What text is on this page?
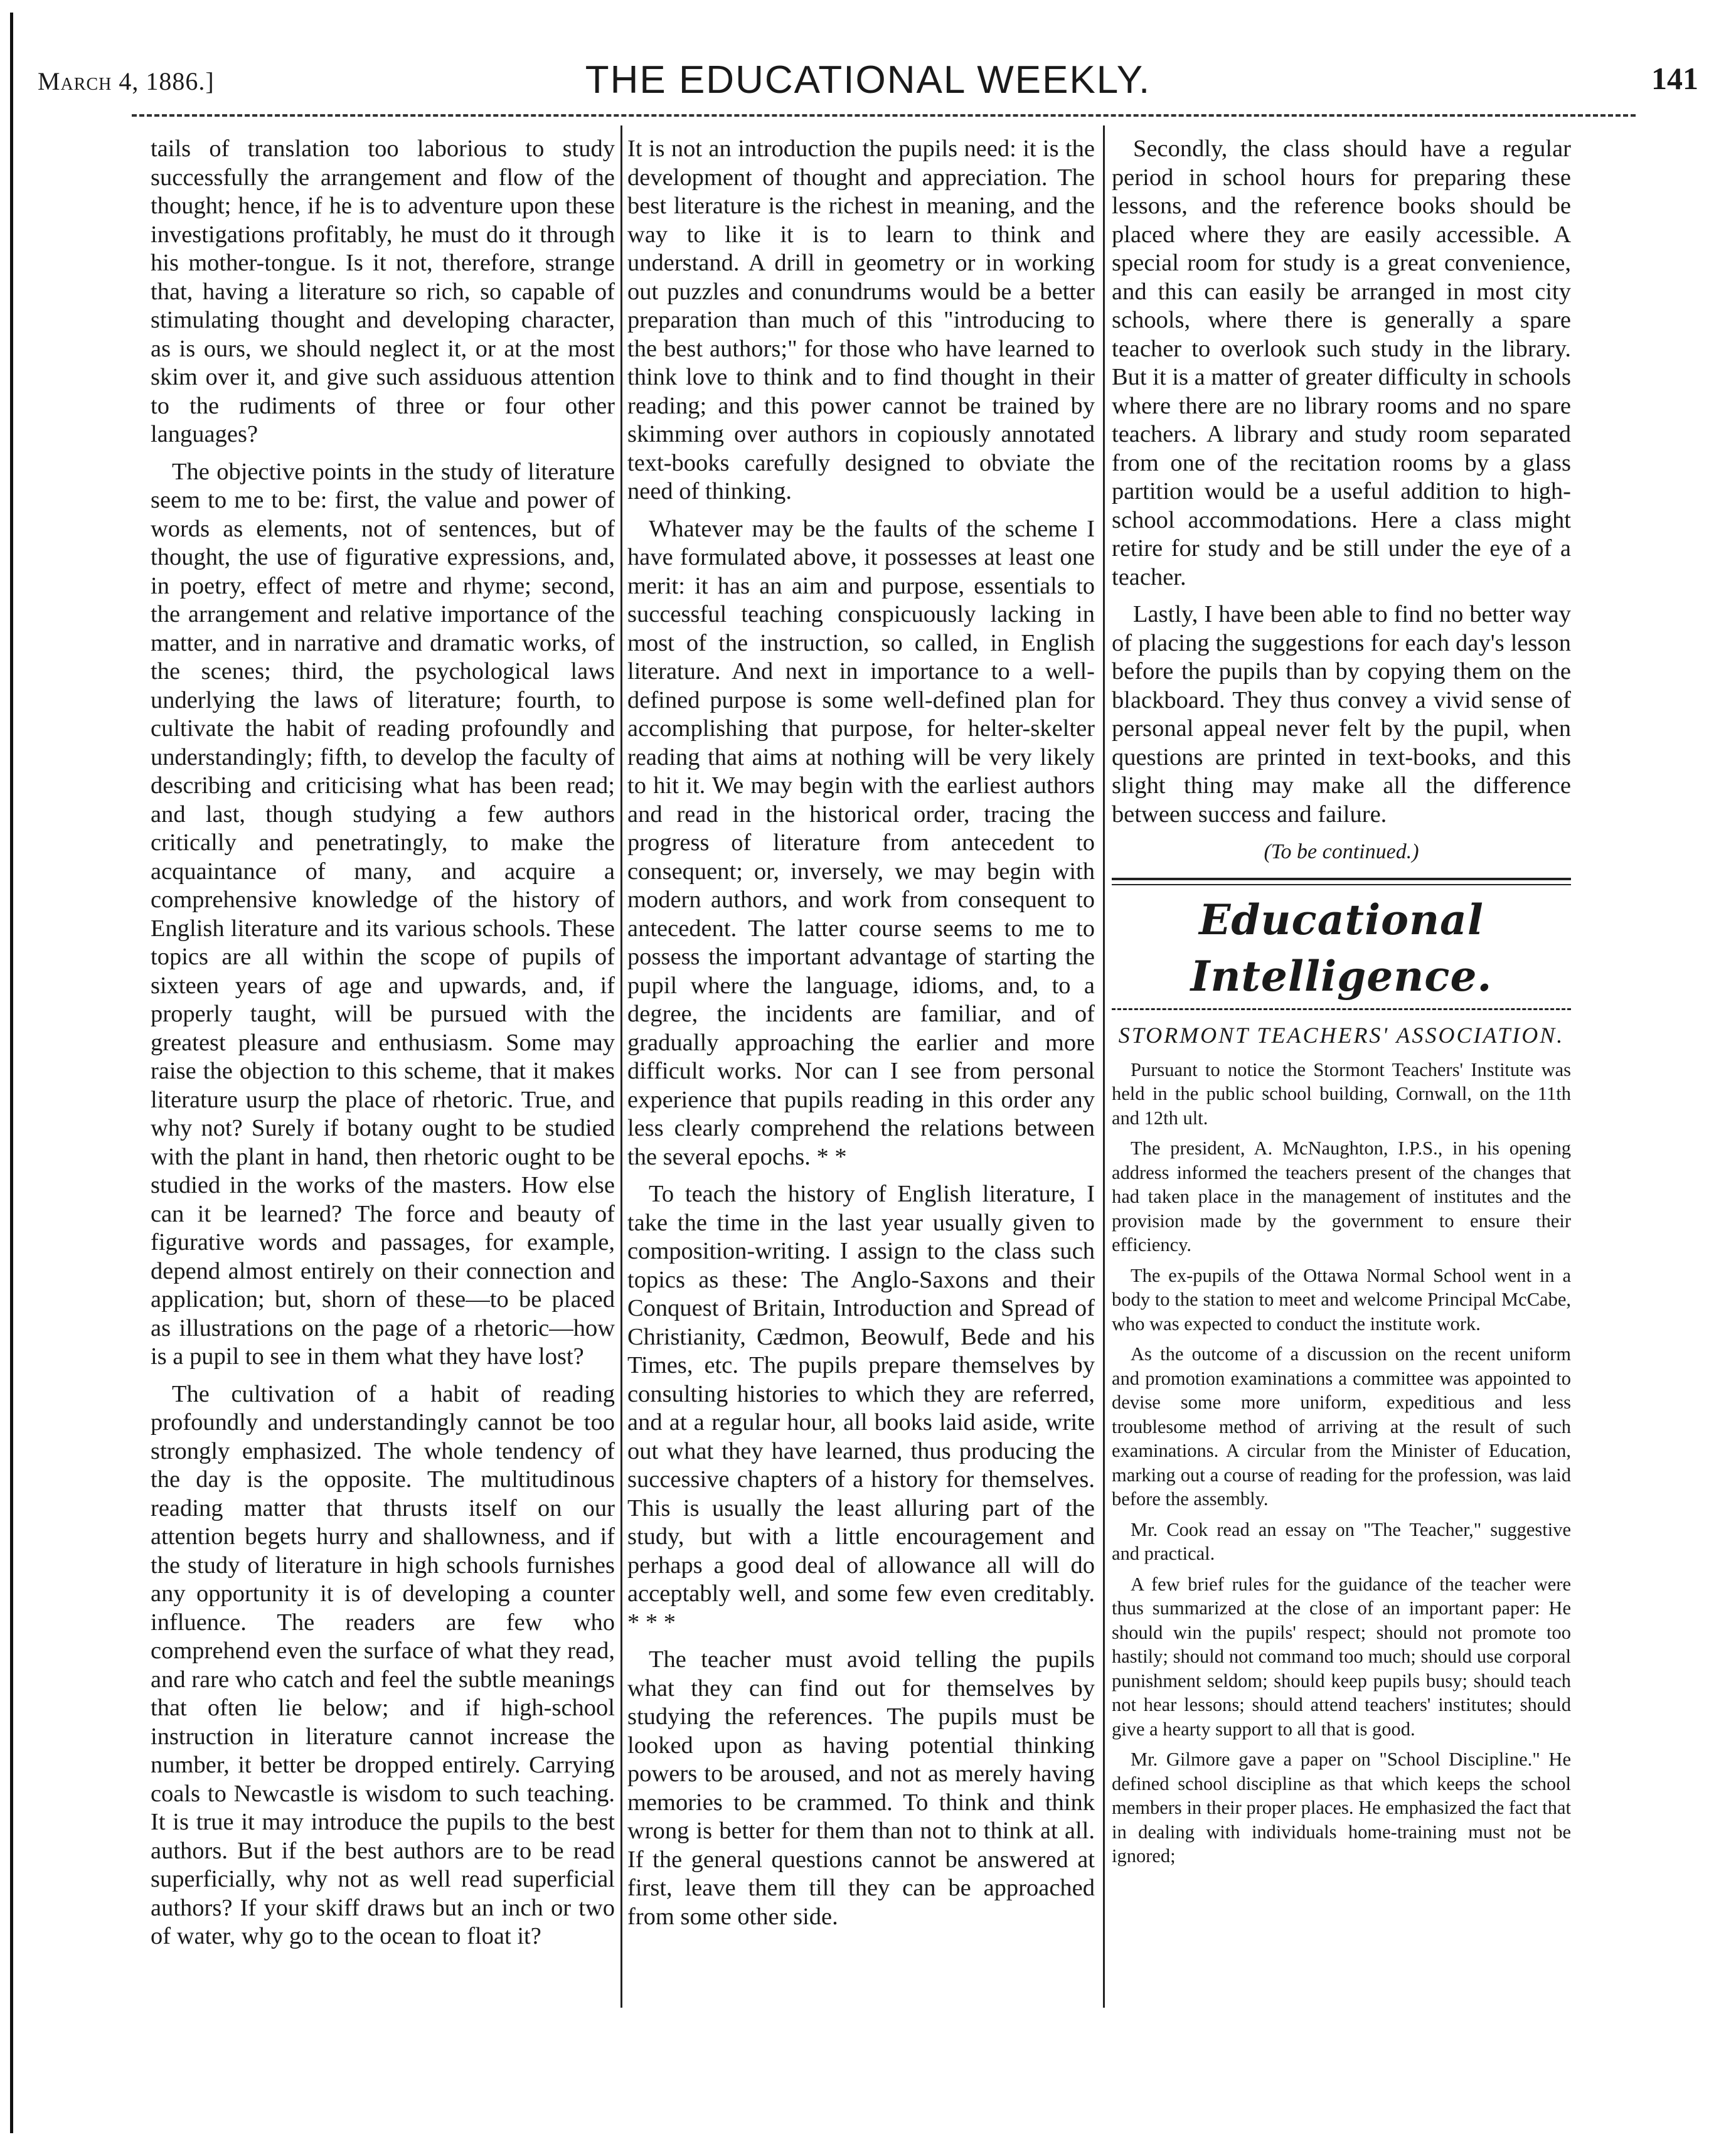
March 4, 1886.]	THE EDUCATIONAL WEEKLY.	141

tails of translation too laborious to study successfully the arrangement and flow of the thought; hence, if he is to adventure upon these investigations profitably, he must do it through his mother-tongue. Is it not, therefore, strange that, having a literature so rich, so capable of stimulating thought and developing character, as is ours, we should neglect it, or at the most skim over it, and give such assiduous attention to the rudiments of three or four other languages?

The objective points in the study of literature seem to me to be: first, the value and power of words as elements, not of sentences, but of thought, the use of figurative expressions, and, in poetry, effect of metre and rhyme; second, the arrangement and relative importance of the matter, and in narrative and dramatic works, of the scenes; third, the psychological laws underlying the laws of literature; fourth, to cultivate the habit of reading profoundly and understandingly; fifth, to develop the faculty of describing and criticising what has been read; and last, though studying a few authors critically and penetratingly, to make the acquaintance of many, and acquire a comprehensive knowledge of the history of English literature and its various schools. These topics are all within the scope of pupils of sixteen years of age and upwards, and, if properly taught, will be pursued with the greatest pleasure and enthusiasm. Some may raise the objection to this scheme, that it makes literature usurp the place of rhetoric. True, and why not? Surely if botany ought to be studied with the plant in hand, then rhetoric ought to be studied in the works of the masters. How else can it be learned? The force and beauty of figurative words and passages, for example, depend almost entirely on their connection and application; but, shorn of these—to be placed as illustrations on the page of a rhetoric—how is a pupil to see in them what they have lost?

The cultivation of a habit of reading profoundly and understandingly cannot be too strongly emphasized. The whole tendency of the day is the opposite. The multitudinous reading matter that thrusts itself on our attention begets hurry and shallowness, and if the study of literature in high schools furnishes any opportunity it is of developing a counter influence. The readers are few who comprehend even the surface of what they read, and rare who catch and feel the subtle meanings that often lie below; and if high-school instruction in literature cannot increase the number, it better be dropped entirely. Carrying coals to Newcastle is wisdom to such teaching. It is true it may introduce the pupils to the best authors. But if the best authors are to be read superficially, why not as well read superficial authors? If your skiff draws but an inch or two of water, why go to the ocean to float it?

It is not an introduction the pupils need: it is the development of thought and appreciation. The best literature is the richest in meaning, and the way to like it is to learn to think and understand. A drill in geometry or in working out puzzles and conundrums would be a better preparation than much of this "introducing to the best authors;" for those who have learned to think love to think and to find thought in their reading; and this power cannot be trained by skimming over authors in copiously annotated text-books carefully designed to obviate the need of thinking.

Whatever may be the faults of the scheme I have formulated above, it possesses at least one merit: it has an aim and purpose, essentials to successful teaching conspicuously lacking in most of the instruction, so called, in English literature. And next in importance to a well-defined purpose is some well-defined plan for accomplishing that purpose, for helter-skelter reading that aims at nothing will be very likely to hit it. We may begin with the earliest authors and read in the historical order, tracing the progress of literature from antecedent to consequent; or, inversely, we may begin with modern authors, and work from consequent to antecedent. The latter course seems to me to possess the important advantage of starting the pupil where the language, idioms, and, to a degree, the incidents are familiar, and of gradually approaching the earlier and more difficult works. Nor can I see from personal experience that pupils reading in this order any less clearly comprehend the relations between the several epochs. * *

To teach the history of English literature, I take the time in the last year usually given to composition-writing. I assign to the class such topics as these: The Anglo-Saxons and their Conquest of Britain, Introduction and Spread of Christianity, Cædmon, Beowulf, Bede and his Times, etc. The pupils prepare themselves by consulting histories to which they are referred, and at a regular hour, all books laid aside, write out what they have learned, thus producing the successive chapters of a history for themselves. This is usually the least alluring part of the study, but with a little encouragement and perhaps a good deal of allowance all will do acceptably well, and some few even creditably. * * *

The teacher must avoid telling the pupils what they can find out for themselves by studying the references. The pupils must be looked upon as having potential thinking powers to be aroused, and not as merely having memories to be crammed. To think and think wrong is better for them than not to think at all. If the general questions cannot be answered at first, leave them till they can be approached from some other side.

Secondly, the class should have a regular period in school hours for preparing these lessons, and the reference books should be placed where they are easily accessible. A special room for study is a great convenience, and this can easily be arranged in most city schools, where there is generally a spare teacher to overlook such study in the library. But it is a matter of greater difficulty in schools where there are no library rooms and no spare teachers. A library and study room separated from one of the recitation rooms by a glass partition would be a useful addition to high-school accommodations. Here a class might retire for study and be still under the eye of a teacher.

Lastly, I have been able to find no better way of placing the suggestions for each day's lesson before the pupils than by copying them on the blackboard. They thus convey a vivid sense of personal appeal never felt by the pupil, when questions are printed in text-books, and this slight thing may make all the difference between success and failure.

(To be continued.)
Educational Intelligence.
STORMONT TEACHERS' ASSOCIATION.

Pursuant to notice the Stormont Teachers' Institute was held in the public school building, Cornwall, on the 11th and 12th ult.

The president, A. McNaughton, I.P.S., in his opening address informed the teachers present of the changes that had taken place in the management of institutes and the provision made by the government to ensure their efficiency.

The ex-pupils of the Ottawa Normal School went in a body to the station to meet and welcome Principal McCabe, who was expected to conduct the institute work.

As the outcome of a discussion on the recent uniform and promotion examinations a committee was appointed to devise some more uniform, expeditious and less troublesome method of arriving at the result of such examinations. A circular from the Minister of Education, marking out a course of reading for the profession, was laid before the assembly.

Mr. Cook read an essay on "The Teacher," suggestive and practical.

A few brief rules for the guidance of the teacher were thus summarized at the close of an important paper: He should win the pupils' respect; should not promote too hastily; should not command too much; should use corporal punishment seldom; should keep pupils busy; should teach not hear lessons; should attend teachers' institutes; should give a hearty support to all that is good.

Mr. Gilmore gave a paper on "School Discipline." He defined school discipline as that which keeps the school members in their proper places. He emphasized the fact that in dealing with individuals home-training must not be ignored;
